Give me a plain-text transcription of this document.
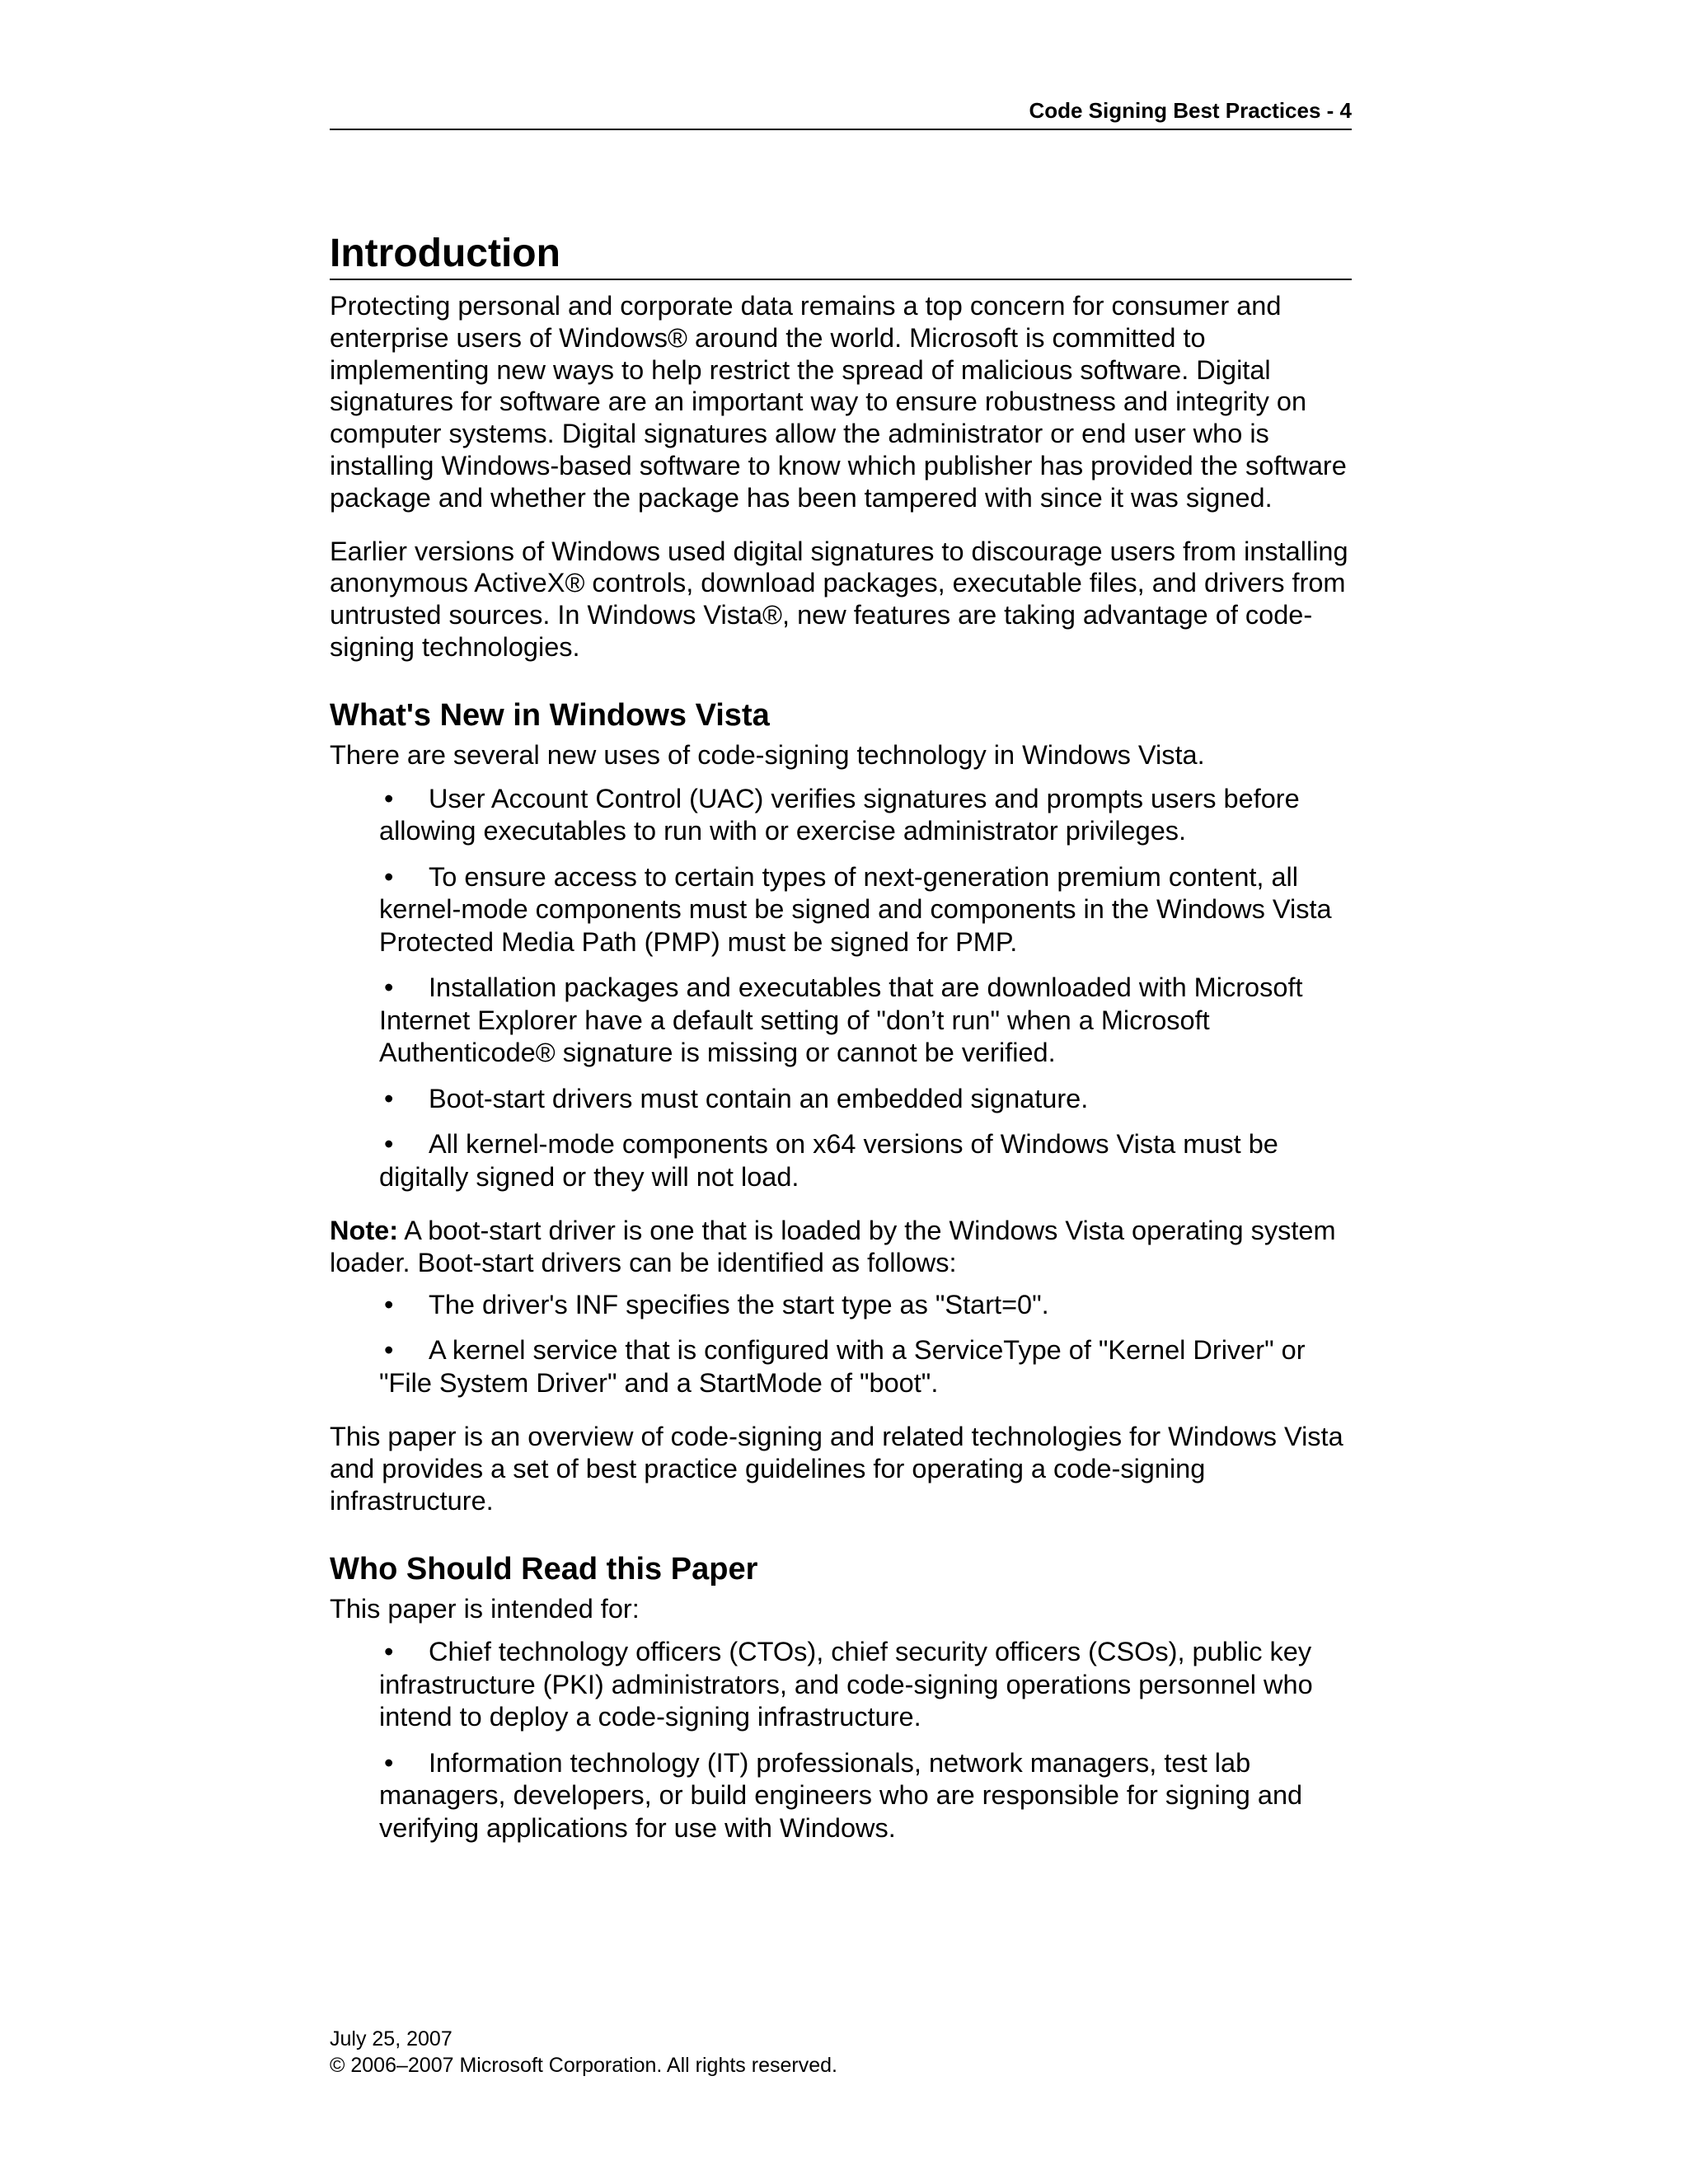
Code Signing Best Practices - 4
Introduction

Protecting personal and corporate data remains a top concern for consumer and enterprise users of Windows® around the world. Microsoft is committed to implementing new ways to help restrict the spread of malicious software. Digital signatures for software are an important way to ensure robustness and integrity on computer systems. Digital signatures allow the administrator or end user who is installing Windows-based software to know which publisher has provided the software package and whether the package has been tampered with since it was signed.

Earlier versions of Windows used digital signatures to discourage users from installing anonymous ActiveX® controls, download packages, executable files, and drivers from untrusted sources. In Windows Vista®, new features are taking advantage of code-signing technologies.

What's New in Windows Vista

There are several new uses of code-signing technology in Windows Vista.

• User Account Control (UAC) verifies signatures and prompts users before allowing executables to run with or exercise administrator privileges.
• To ensure access to certain types of next-generation premium content, all kernel-mode components must be signed and components in the Windows Vista Protected Media Path (PMP) must be signed for PMP.
• Installation packages and executables that are downloaded with Microsoft Internet Explorer have a default setting of "don’t run" when a Microsoft Authenticode® signature is missing or cannot be verified.
• Boot-start drivers must contain an embedded signature.
• All kernel-mode components on x64 versions of Windows Vista must be digitally signed or they will not load.

Note: A boot-start driver is one that is loaded by the Windows Vista operating system loader. Boot-start drivers can be identified as follows:

• The driver's INF specifies the start type as "Start=0".
• A kernel service that is configured with a ServiceType of "Kernel Driver" or "File System Driver" and a StartMode of "boot".

This paper is an overview of code-signing and related technologies for Windows Vista and provides a set of best practice guidelines for operating a code-signing infrastructure.

Who Should Read this Paper

This paper is intended for:

• Chief technology officers (CTOs), chief security officers (CSOs), public key infrastructure (PKI) administrators, and code-signing operations personnel who intend to deploy a code-signing infrastructure.
• Information technology (IT) professionals, network managers, test lab managers, developers, or build engineers who are responsible for signing and verifying applications for use with Windows.
July 25, 2007
© 2006–2007 Microsoft Corporation. All rights reserved.
